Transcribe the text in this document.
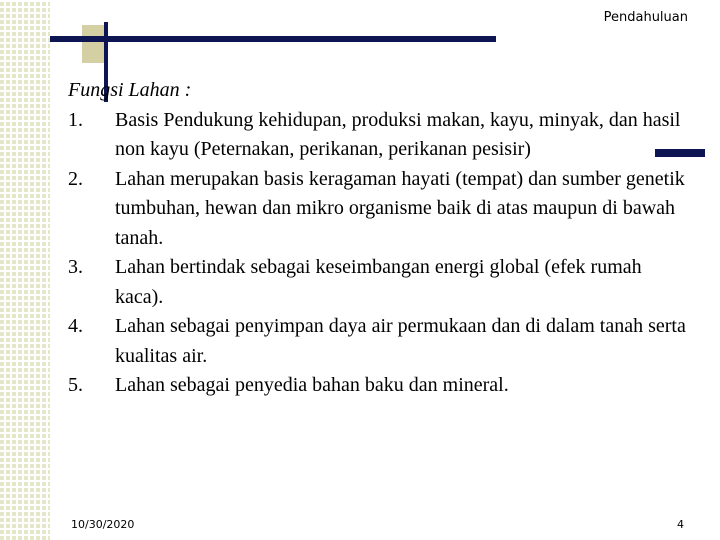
Pendahuluan
Fungsi Lahan :
1.	Basis Pendukung kehidupan, produksi makan, kayu, minyak, dan hasil non kayu (Peternakan, perikanan, perikanan pesisir)
2.	Lahan merupakan basis keragaman hayati (tempat) dan sumber genetik tumbuhan, hewan dan mikro organisme baik di atas maupun di bawah tanah.
3.	Lahan bertindak sebagai keseimbangan energi global (efek rumah kaca).
4.	Lahan sebagai penyimpan daya air permukaan dan di dalam tanah serta kualitas air.
5.	Lahan sebagai penyedia bahan baku dan mineral.
10/30/2020	4
